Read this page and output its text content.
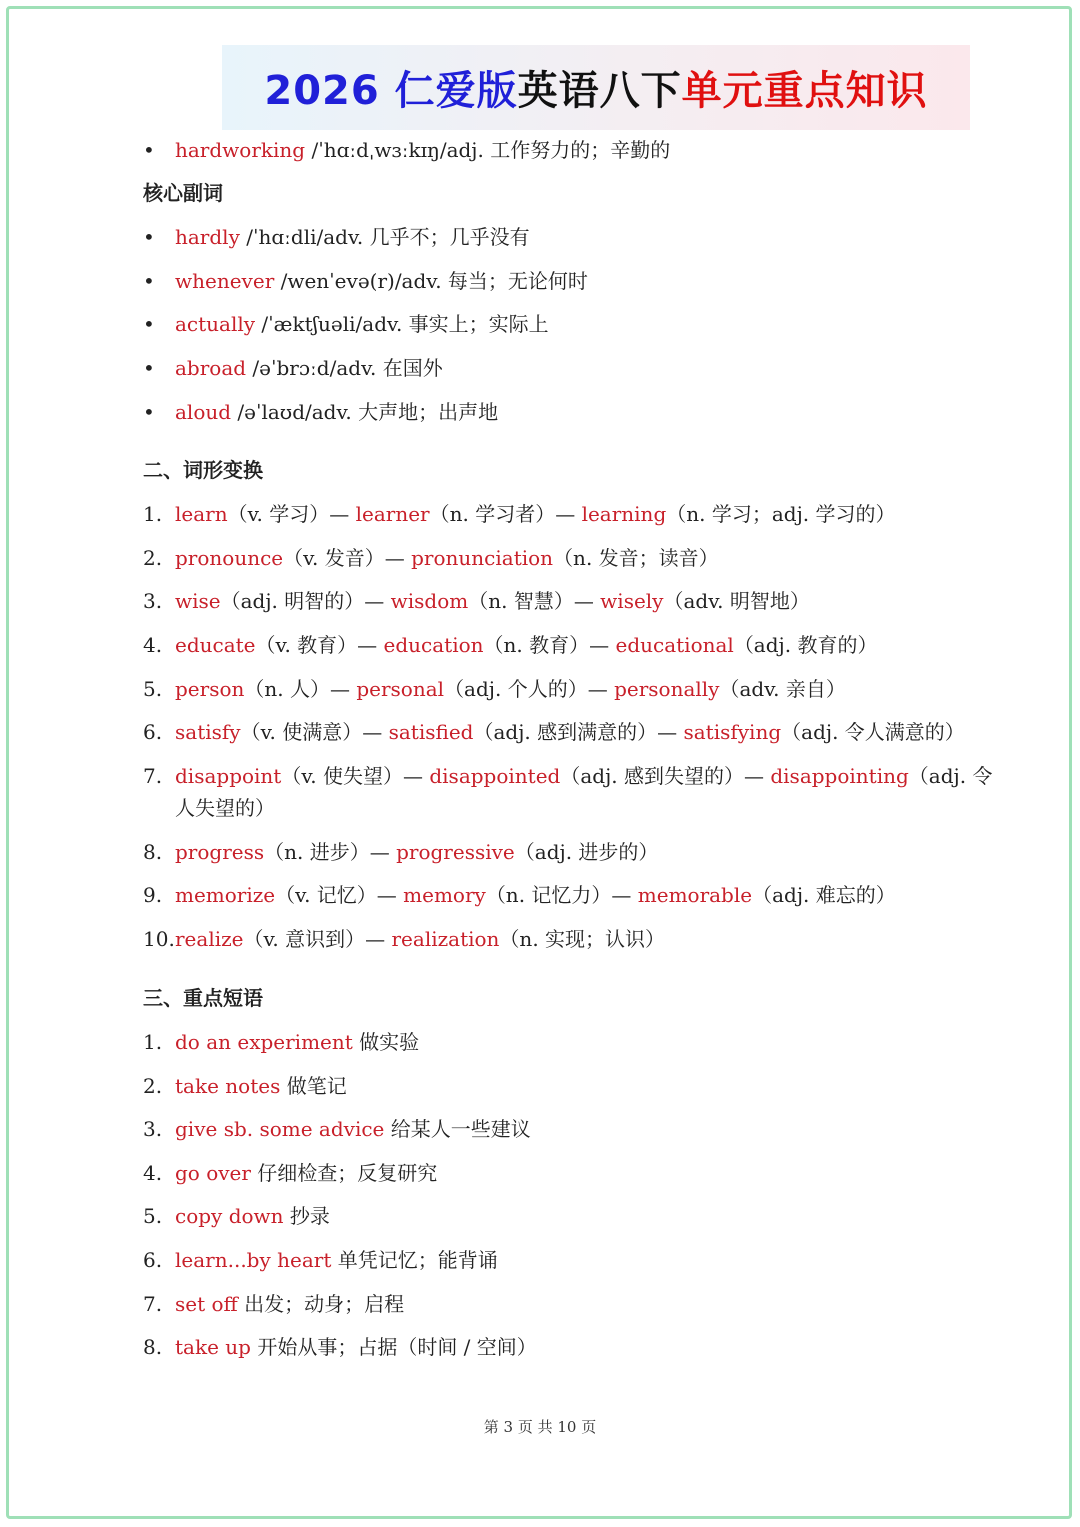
2026 仁爱版 英语八下 单元重点知识
• hardworking /ˈhɑːdˌwɜːkɪŋ/adj. 工作努力的；辛勤的
核心副词
• hardly /ˈhɑːdli/adv. 几乎不；几乎没有
• whenever /wenˈevə(r)/adv. 每当；无论何时
• actually /ˈæktʃuəli/adv. 事实上；实际上
• abroad /əˈbrɔːd/adv. 在国外
• aloud /əˈlaʊd/adv. 大声地；出声地
二、词形变换
1. learn（v. 学习）— learner（n. 学习者）— learning（n. 学习；adj. 学习的）
2. pronounce（v. 发音）— pronunciation（n. 发音；读音）
3. wise（adj. 明智的）— wisdom（n. 智慧）— wisely（adv. 明智地）
4. educate（v. 教育）— education（n. 教育）— educational（adj. 教育的）
5. person（n. 人）— personal（adj. 个人的）— personally（adv. 亲自）
6. satisfy（v. 使满意）— satisfied（adj. 感到满意的）— satisfying（adj. 令人满意的）
7. disappoint（v. 使失望）— disappointed（adj. 感到失望的）— disappointing（adj. 令
人失望的）
8. progress（n. 进步）— progressive（adj. 进步的）
9. memorize（v. 记忆）— memory（n. 记忆力）— memorable（adj. 难忘的）
10.realize（v. 意识到）— realization（n. 实现；认识）
三、重点短语
1. do an experiment 做实验
2. take notes 做笔记
3. give sb. some advice 给某人一些建议
4. go over 仔细检查；反复研究
5. copy down 抄录
6. learn...by heart 单凭记忆；能背诵
7. set off 出发；动身；启程
8. take up 开始从事；占据（时间 / 空间）
第 3 页 共 10 页
